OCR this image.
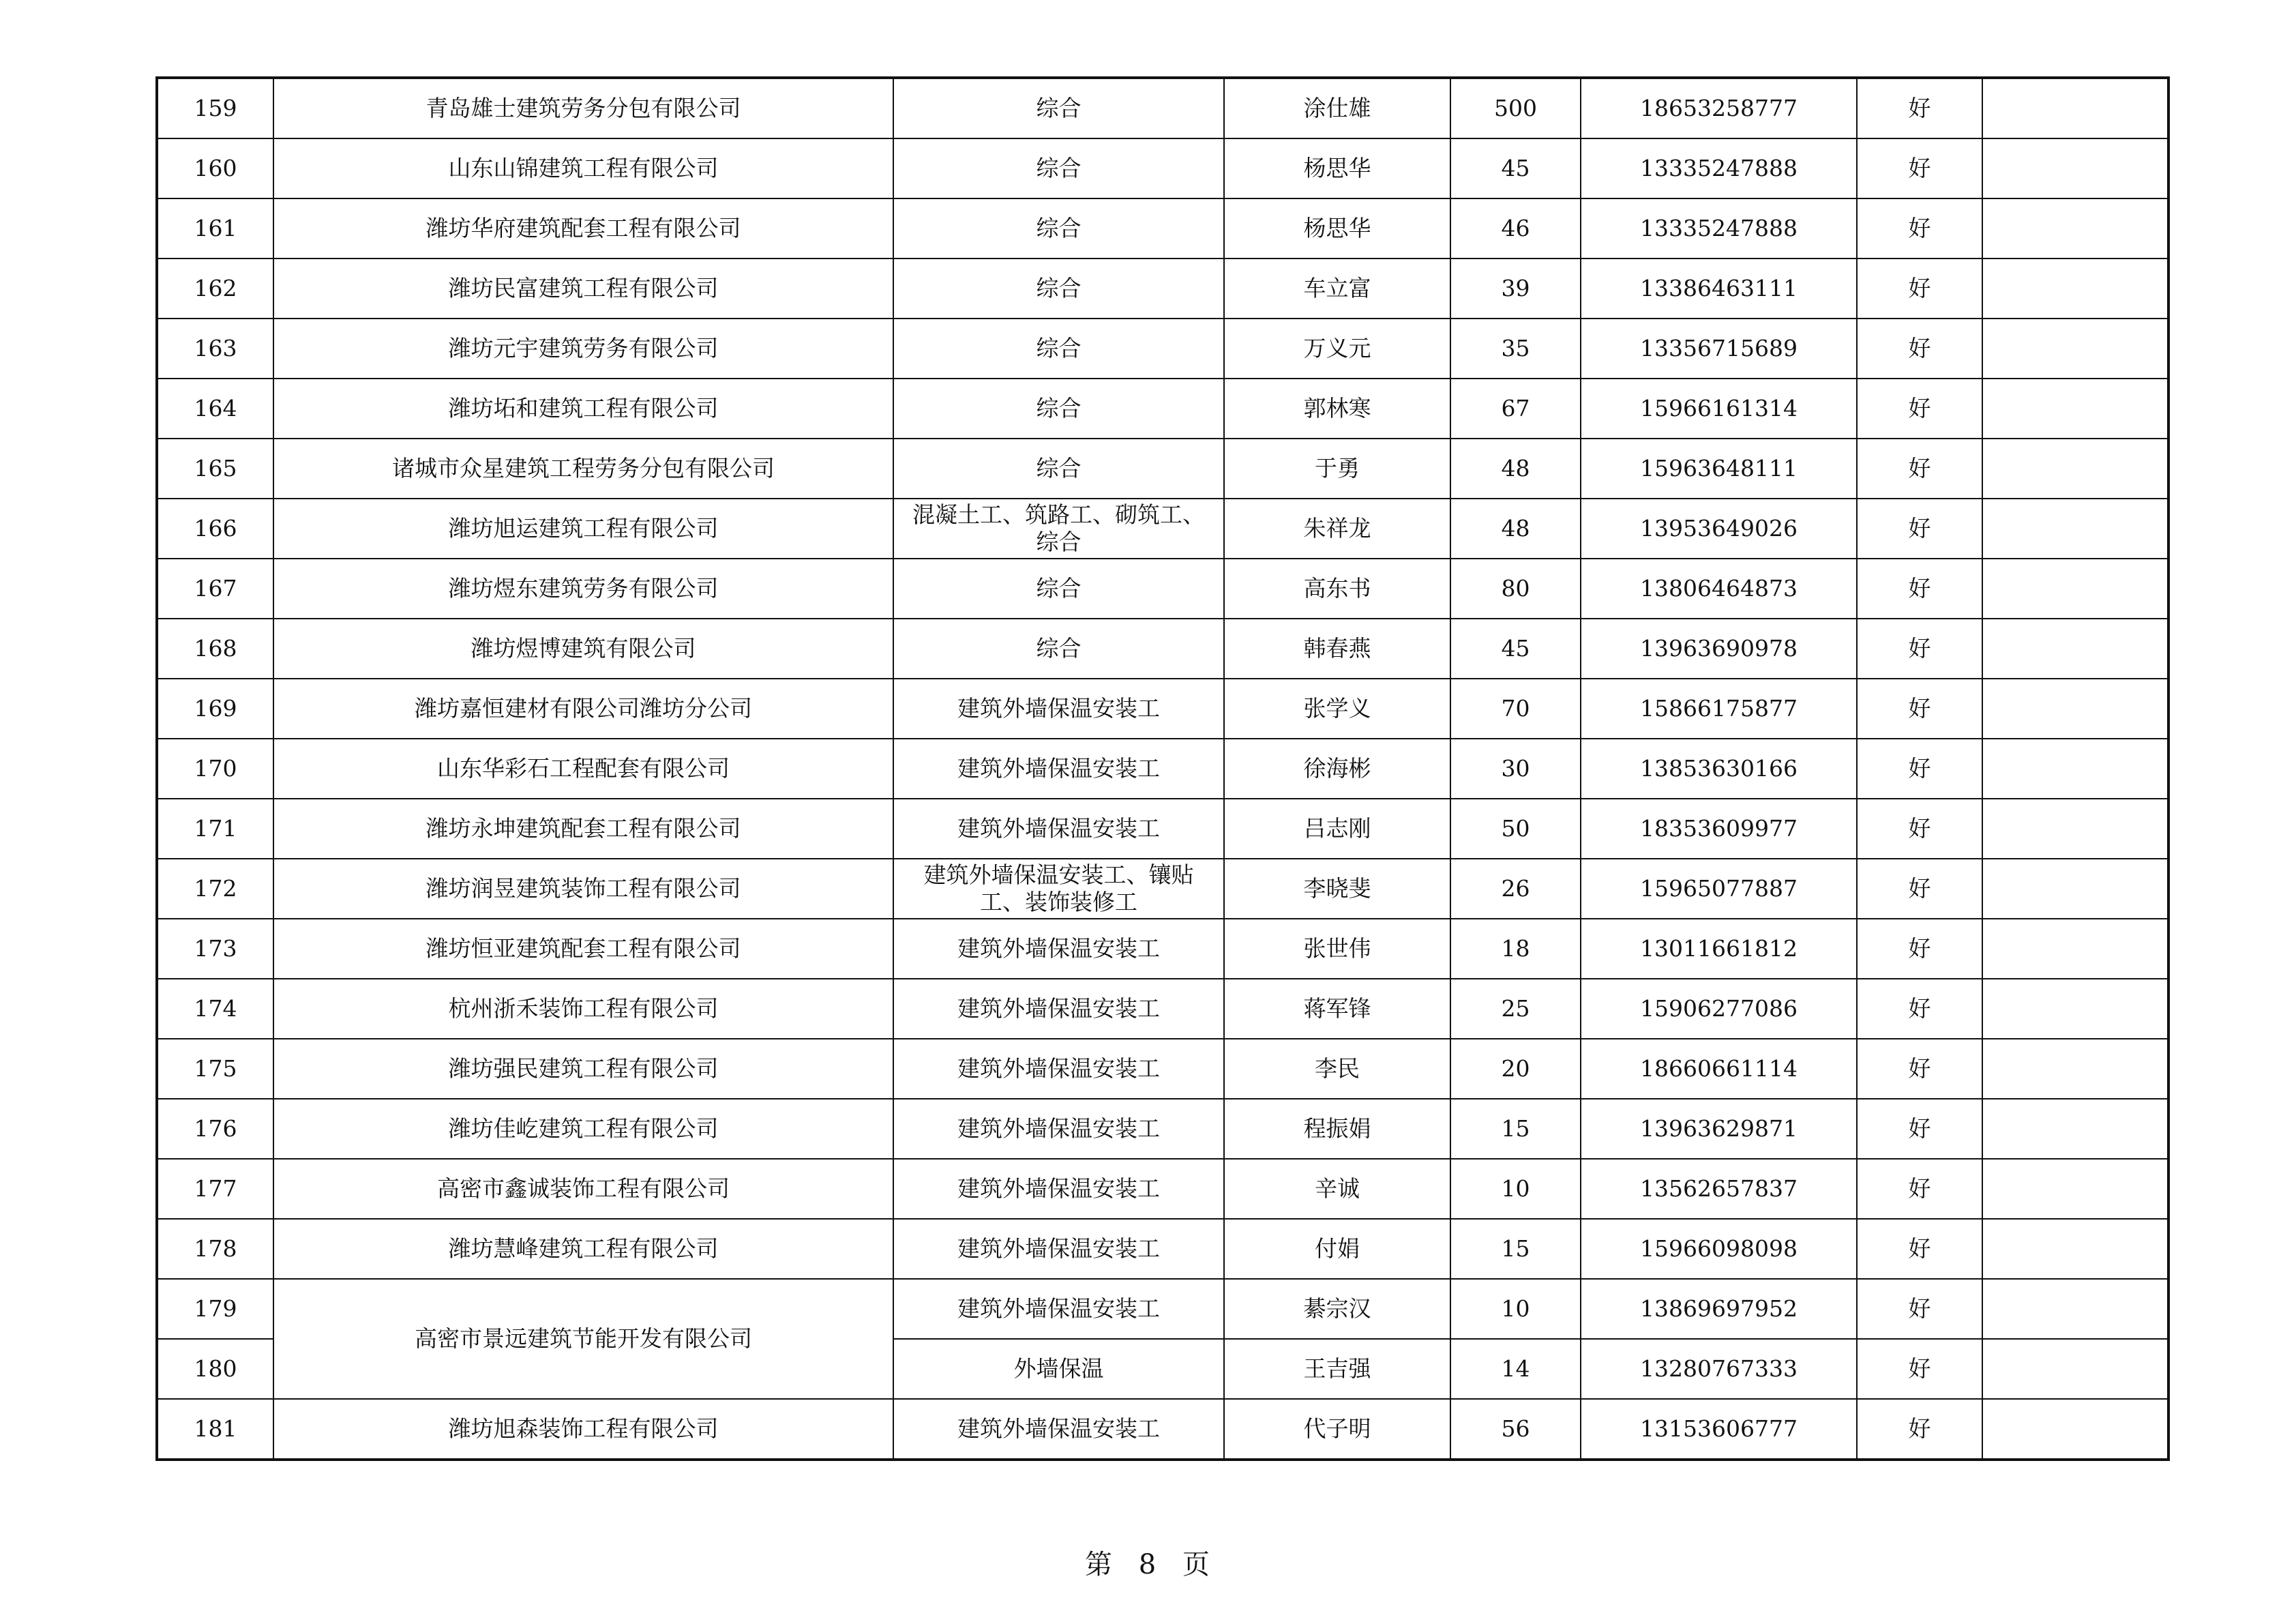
159	青岛雄士建筑劳务分包有限公司	综合	涂仕雄	500	18653258777	好	
160	山东山锦建筑工程有限公司	综合	杨思华	45	13335247888	好	
161	潍坊华府建筑配套工程有限公司	综合	杨思华	46	13335247888	好	
162	潍坊民富建筑工程有限公司	综合	车立富	39	13386463111	好	
163	潍坊元宇建筑劳务有限公司	综合	万义元	35	13356715689	好	
164	潍坊坧和建筑工程有限公司	综合	郭林寒	67	15966161314	好	
165	诸城市众星建筑工程劳务分包有限公司	综合	于勇	48	15963648111	好	
166	潍坊旭运建筑工程有限公司	混凝土工、筑路工、砌筑工、综合	朱祥龙	48	13953649026	好	
167	潍坊煜东建筑劳务有限公司	综合	高东书	80	13806464873	好	
168	潍坊煜博建筑有限公司	综合	韩春燕	45	13963690978	好	
169	潍坊嘉恒建材有限公司潍坊分公司	建筑外墙保温安装工	张学义	70	15866175877	好	
170	山东华彩石工程配套有限公司	建筑外墙保温安装工	徐海彬	30	13853630166	好	
171	潍坊永坤建筑配套工程有限公司	建筑外墙保温安装工	吕志刚	50	18353609977	好	
172	潍坊润昱建筑装饰工程有限公司	建筑外墙保温安装工、镶贴工、装饰装修工	李晓斐	26	15965077887	好	
173	潍坊恒亚建筑配套工程有限公司	建筑外墙保温安装工	张世伟	18	13011661812	好	
174	杭州浙禾装饰工程有限公司	建筑外墙保温安装工	蒋军锋	25	15906277086	好	
175	潍坊强民建筑工程有限公司	建筑外墙保温安装工	李民	20	18660661114	好	
176	潍坊佳屹建筑工程有限公司	建筑外墙保温安装工	程振娟	15	13963629871	好	
177	高密市鑫诚装饰工程有限公司	建筑外墙保温安装工	辛诚	10	13562657837	好	
178	潍坊慧峰建筑工程有限公司	建筑外墙保温安装工	付娟	15	15966098098	好	
179	高密市景远建筑节能开发有限公司	建筑外墙保温安装工	綦宗汉	10	13869697952	好	
180		外墙保温	王吉强	14	13280767333	好	
181	潍坊旭森装饰工程有限公司	建筑外墙保温安装工	代子明	56	13153606777	好	
第 8 页
